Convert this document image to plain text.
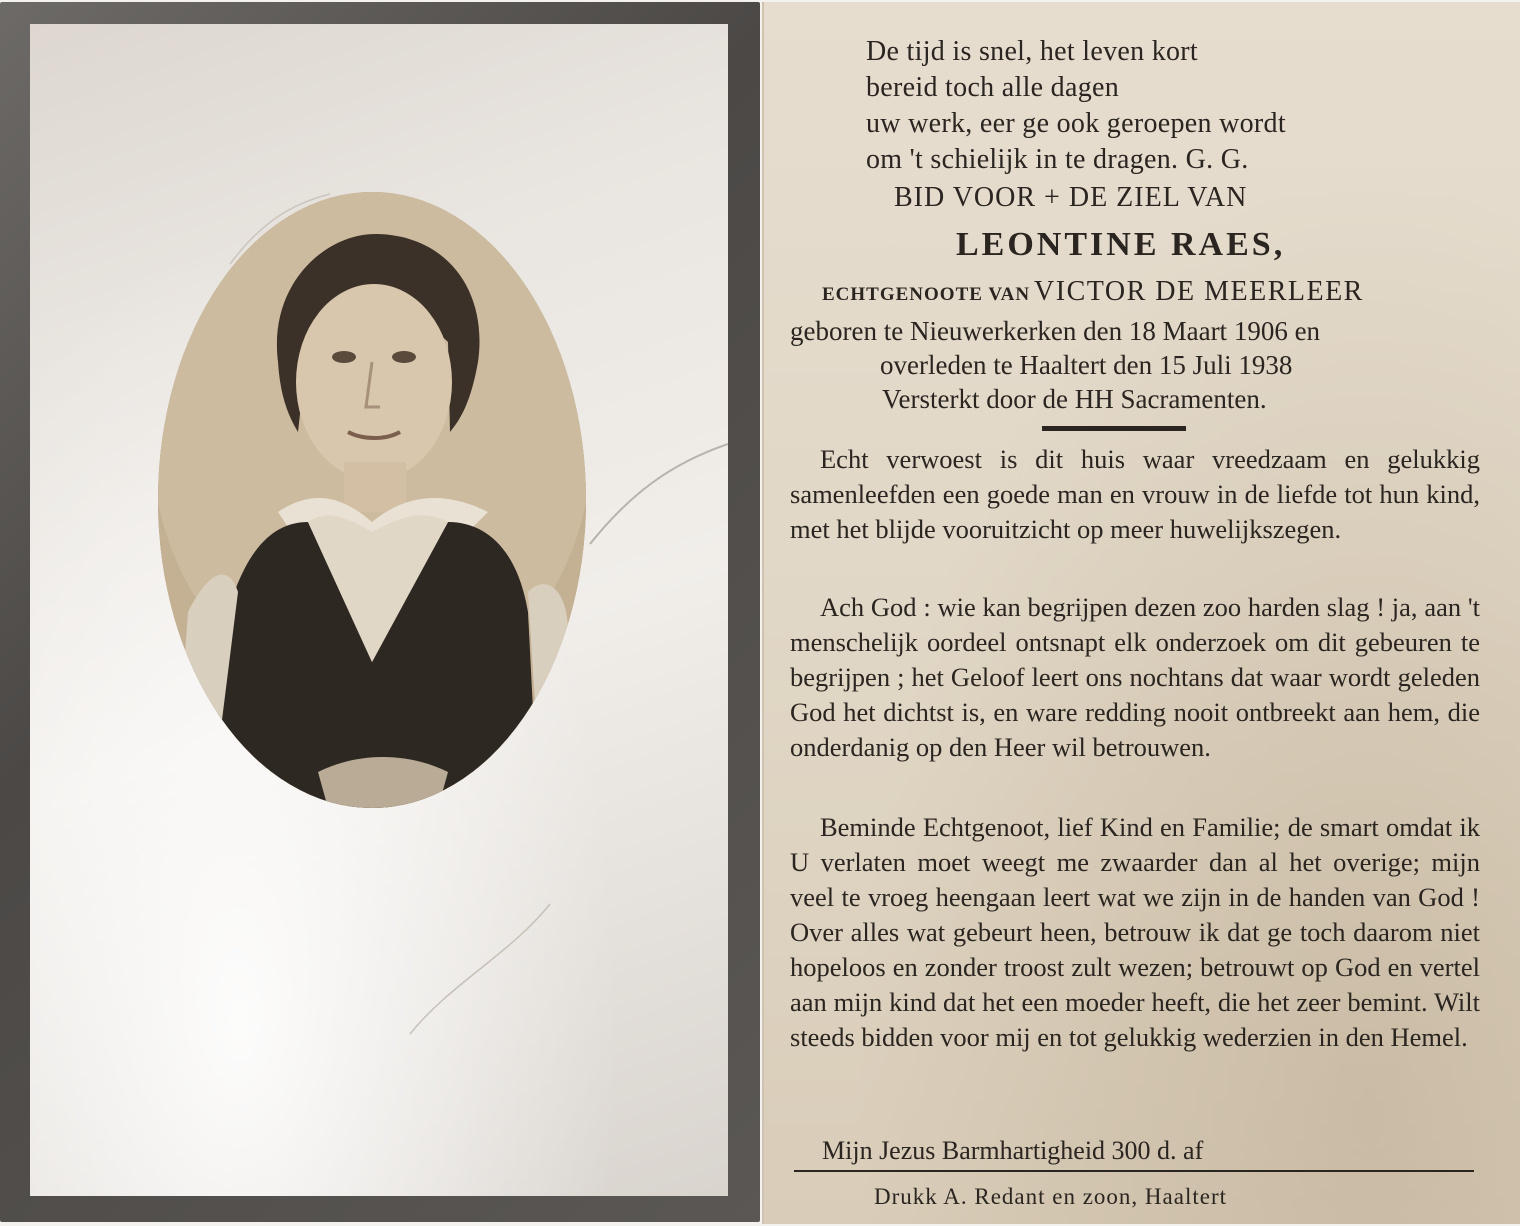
De tijd is snel, het leven kort
bereid toch alle dagen
uw werk, eer ge ook geroepen wordt
om 't schielijk in te dragen. G. G.
BID VOOR + DE ZIEL VAN
LEONTINE RAES,
ECHTGENOOTE VAN VICTOR DE MEERLEER
geboren te Nieuwerkerken den 18 Maart 1906 en
overleden te Haaltert den 15 Juli 1938
Versterkt door de HH Sacramenten.
Echt verwoest is dit huis waar vreedzaam en gelukkig samenleefden een goede man en vrouw in de liefde tot hun kind, met het blijde vooruitzicht op meer huwelijkszegen.
Ach God : wie kan begrijpen dezen zoo harden slag ! ja, aan 't menschelijk oordeel ontsnapt elk onderzoek om dit gebeuren te begrijpen ; het Geloof leert ons nochtans dat waar wordt geleden God het dichtst is, en ware redding nooit ontbreekt aan hem, die onderdanig op den Heer wil betrouwen.
Beminde Echtgenoot, lief Kind en Familie; de smart omdat ik U verlaten moet weegt me zwaarder dan al het overige; mijn veel te vroeg heengaan leert wat we zijn in de handen van God ! Over alles wat gebeurt heen, betrouw ik dat ge toch daarom niet hopeloos en zonder troost zult wezen; betrouwt op God en vertel aan mijn kind dat het een moeder heeft, die het zeer bemint. Wilt steeds bidden voor mij en tot gelukkig wederzien in den Hemel.
Mijn Jezus Barmhartigheid 300 d. af
Drukk A. Redant en zoon, Haaltert
